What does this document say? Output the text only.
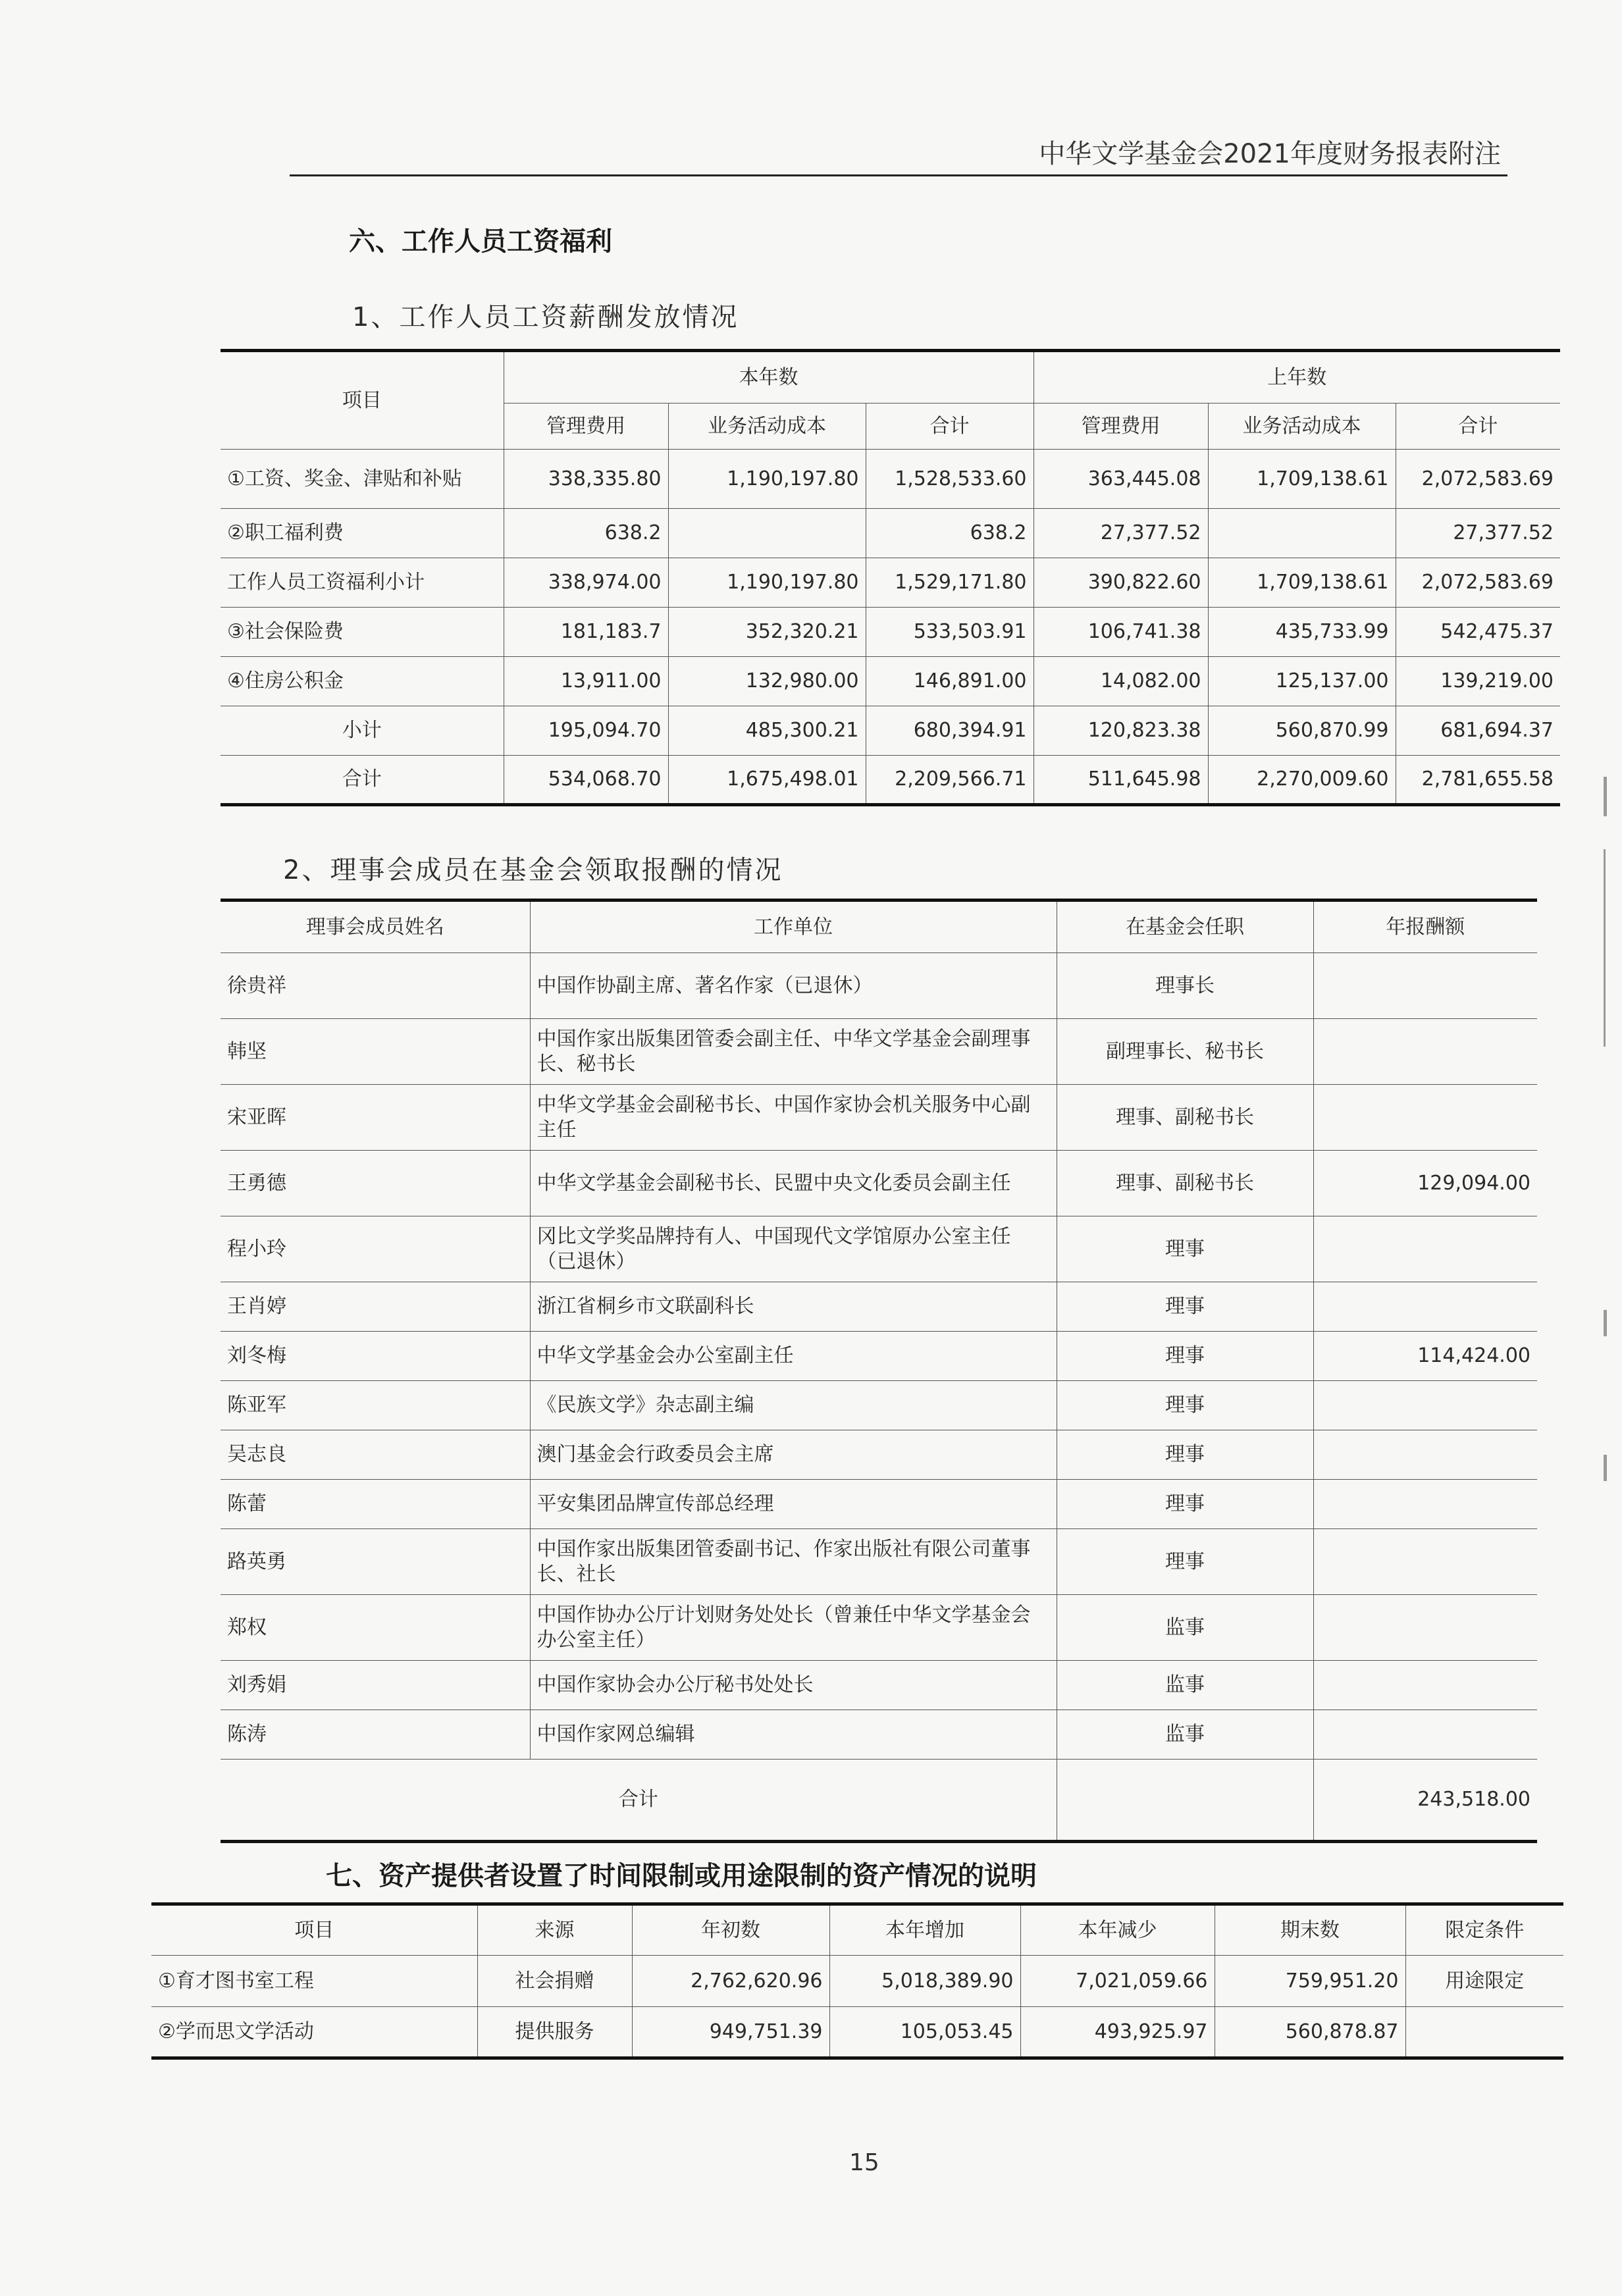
中华文学基金会2021年度财务报表附注
六、工作人员工资福利
1、工作人员工资薪酬发放情况
项目	本年数			上年数		
	管理费用	业务活动成本	合计	管理费用	业务活动成本	合计
①工资、奖金、津贴和补贴	338,335.80	1,190,197.80	1,528,533.60	363,445.08	1,709,138.61	2,072,583.69
②职工福利费	638.2		638.2	27,377.52		27,377.52
工作人员工资福利小计	338,974.00	1,190,197.80	1,529,171.80	390,822.60	1,709,138.61	2,072,583.69
③社会保险费	181,183.7	352,320.21	533,503.91	106,741.38	435,733.99	542,475.37
④住房公积金	13,911.00	132,980.00	146,891.00	14,082.00	125,137.00	139,219.00
小计	195,094.70	485,300.21	680,394.91	120,823.38	560,870.99	681,694.37
合计	534,068.70	1,675,498.01	2,209,566.71	511,645.98	2,270,009.60	2,781,655.58
2、理事会成员在基金会领取报酬的情况
理事会成员姓名	工作单位	在基金会任职	年报酬额
徐贵祥	中国作协副主席、著名作家（已退休）	理事长	
韩坚	中国作家出版集团管委会副主任、中华文学基金会副理事长、秘书长	副理事长、秘书长	
宋亚晖	中华文学基金会副秘书长、中国作家协会机关服务中心副主任	理事、副秘书长	
王勇德	中华文学基金会副秘书长、民盟中央文化委员会副主任	理事、副秘书长	129,094.00
程小玲	冈比文学奖品牌持有人、中国现代文学馆原办公室主任（已退休）	理事	
王肖婷	浙江省桐乡市文联副科长	理事	
刘冬梅	中华文学基金会办公室副主任	理事	114,424.00
陈亚军	《民族文学》杂志副主编	理事	
吴志良	澳门基金会行政委员会主席	理事	
陈蕾	平安集团品牌宣传部总经理	理事	
路英勇	中国作家出版集团管委副书记、作家出版社有限公司董事长、社长	理事	
郑权	中国作协办公厅计划财务处处长（曾兼任中华文学基金会办公室主任）	监事	
刘秀娟	中国作家协会办公厅秘书处处长	监事	
陈涛	中国作家网总编辑	监事	
合计			243,518.00
七、资产提供者设置了时间限制或用途限制的资产情况的说明
项目	来源	年初数	本年增加	本年减少	期末数	限定条件
①育才图书室工程	社会捐赠	2,762,620.96	5,018,389.90	7,021,059.66	759,951.20	用途限定
②学而思文学活动	提供服务	949,751.39	105,053.45	493,925.97	560,878.87	
15
